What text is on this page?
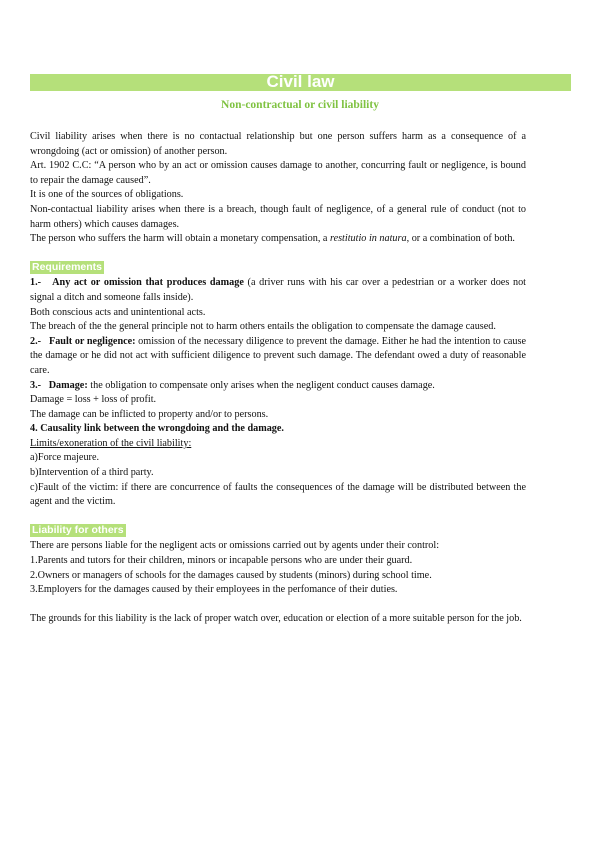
Civil law
Non-contractual or civil liability

Civil liability arises when there is no contactual relationship but one person suffers harm as a consequence of a wrongdoing (act or omission) of another person.

Art. 1902 C.C: “A person who by an act or omission causes damage to another, concurring fault or negligence, is bound to repair the damage caused”.

It is one of the sources of obligations.

Non-contactual liability arises when there is a breach, though fault of negligence, of a general rule of conduct (not to harm others) which causes damages.

The person who suffers the harm will obtain a monetary compensation, a restitutio in natura, or a combination of both.

Requirements

1.- Any act or omission that produces damage (a driver runs with his car over a pedestrian or a worker does not signal a ditch and someone falls inside).

Both conscious acts and unintentional acts.

The breach of the the general principle not to harm others entails the obligation to compensate the damage caused.

2.- Fault or negligence: omission of the necessary diligence to prevent the damage. Either he had the intention to cause the damage or he did not act with sufficient diligence to prevent such damage. The defendant owed a duty of reasonable care.

3.- Damage: the obligation to compensate only arises when the negligent conduct causes damage.

Damage = loss + loss of profit.

The damage can be inflicted to property and/or to persons.

4. Causality link between the wrongdoing and the damage.

Limits/exoneration of the civil liability:

a)Force majeure.

b)Intervention of a third party.

c)Fault of the victim: if there are concurrence of faults the consequences of the damage will be distributed between the agent and the victim.

Liability for others

There are persons liable for the negligent acts or omissions carried out by agents under their control:

1.Parents and tutors for their children, minors or incapable persons who are under their guard.

2.Owners or managers of schools for the damages caused by students (minors) during school time.

3.Employers for the damages caused by their employees in the perfomance of their duties.

The grounds for this liability is the lack of proper watch over, education or election of a more suitable person for the job.
